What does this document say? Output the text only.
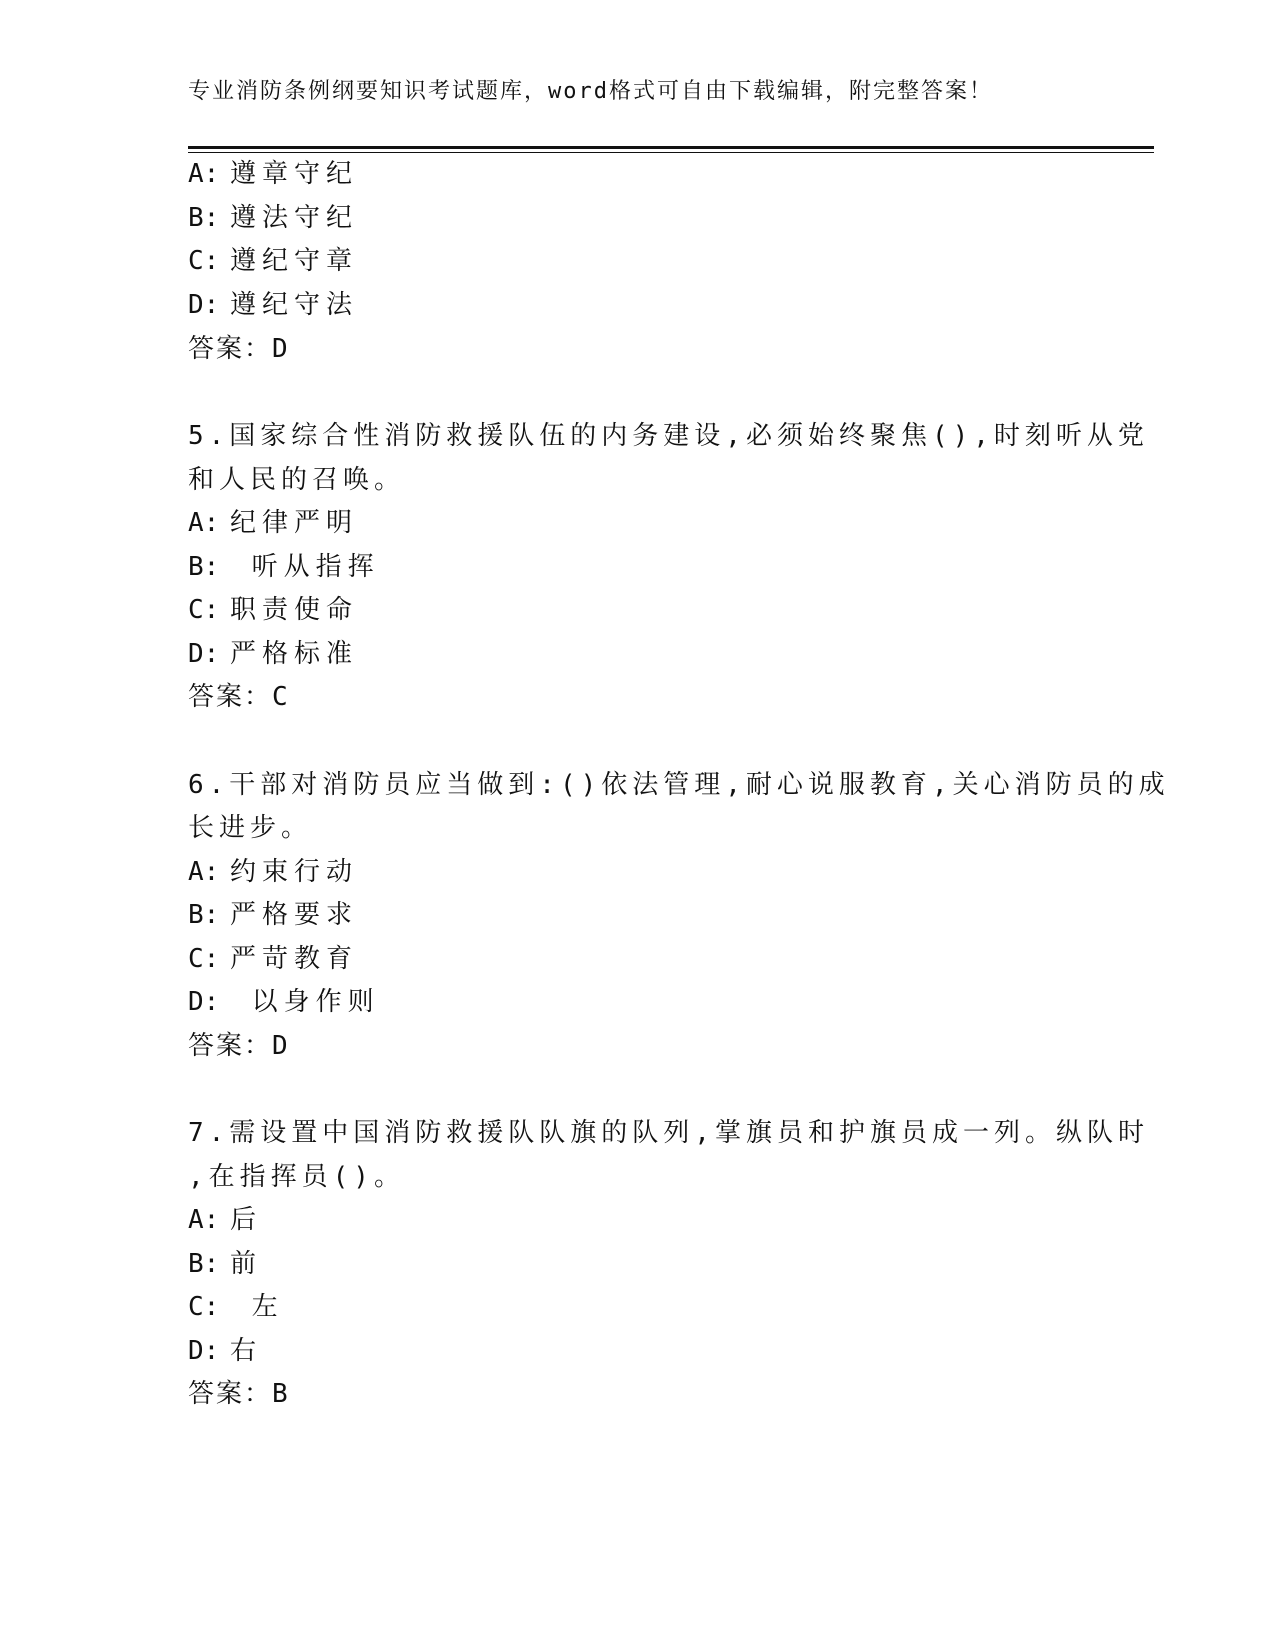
专业消防条例纲要知识考试题库，word格式可自由下载编辑，附完整答案！
A: 遵章守纪
B: 遵法守纪
C: 遵纪守章
D: 遵纪守法
答案：D
5.国家综合性消防救援队伍的内务建设,必须始终聚焦(),时刻听从党
和人民的召唤。
A: 纪律严明
B: 听从指挥
C: 职责使命
D: 严格标准
答案：C
6.干部对消防员应当做到:()依法管理,耐心说服教育,关心消防员的成
长进步。
A: 约束行动
B: 严格要求
C: 严苛教育
D: 以身作则
答案：D
7.需设置中国消防救援队队旗的队列,掌旗员和护旗员成一列。纵队时
,在指挥员()。
A: 后
B: 前
C: 左
D: 右
答案：B
